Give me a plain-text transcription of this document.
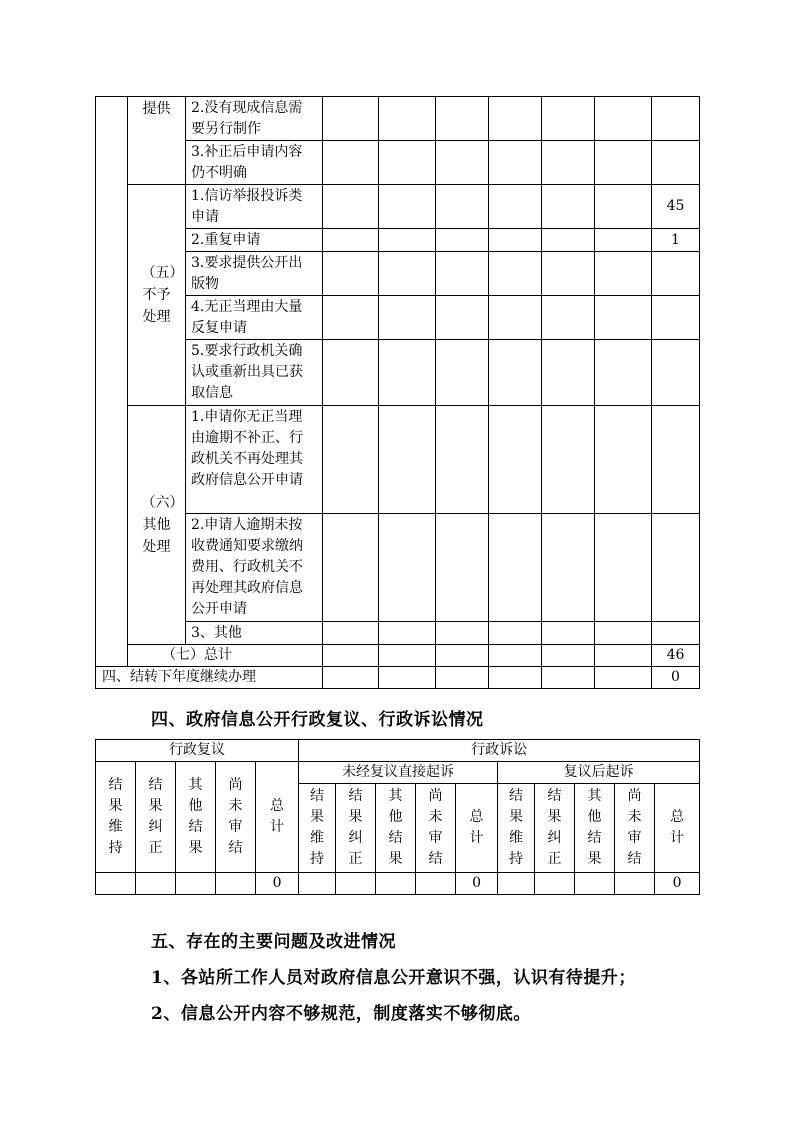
	提供	2.没有现成信息需要另行制作							

		3.补正后申请内容仍不明确							

	（五）不予处理	1.信访举报投诉类申请							45

		2.重复申请							1

		3.要求提供公开出版物							

		4.无正当理由大量反复申请							

		5.要求行政机关确认或重新出具已获取信息							

	（六）其他处理	1.申请你无正当理由逾期不补正、行政机关不再处理其政府信息公开申请							

		2.申请人逾期未按收费通知要求缴纳费用、行政机关不再处理其政府信息公开申请							

		3、其他							

	（七）总计								46
四、结转下年度继续办理									0
四、政府信息公开行政复议、行政诉讼情况
行政复议					行政诉讼									

结果维持	结果纠正	其他结果	尚未审结	总计	未经复议直接起诉					复议后起诉				

					结果维持	结果纠正	其他结果	尚未审结	总计	结果维持	结果纠正	其他结果	尚未审结	总计

				0					0					0
五、存在的主要问题及改进情况
1、各站所工作人员对政府信息公开意识不强，认识有待提升；
2、信息公开内容不够规范，制度落实不够彻底。
